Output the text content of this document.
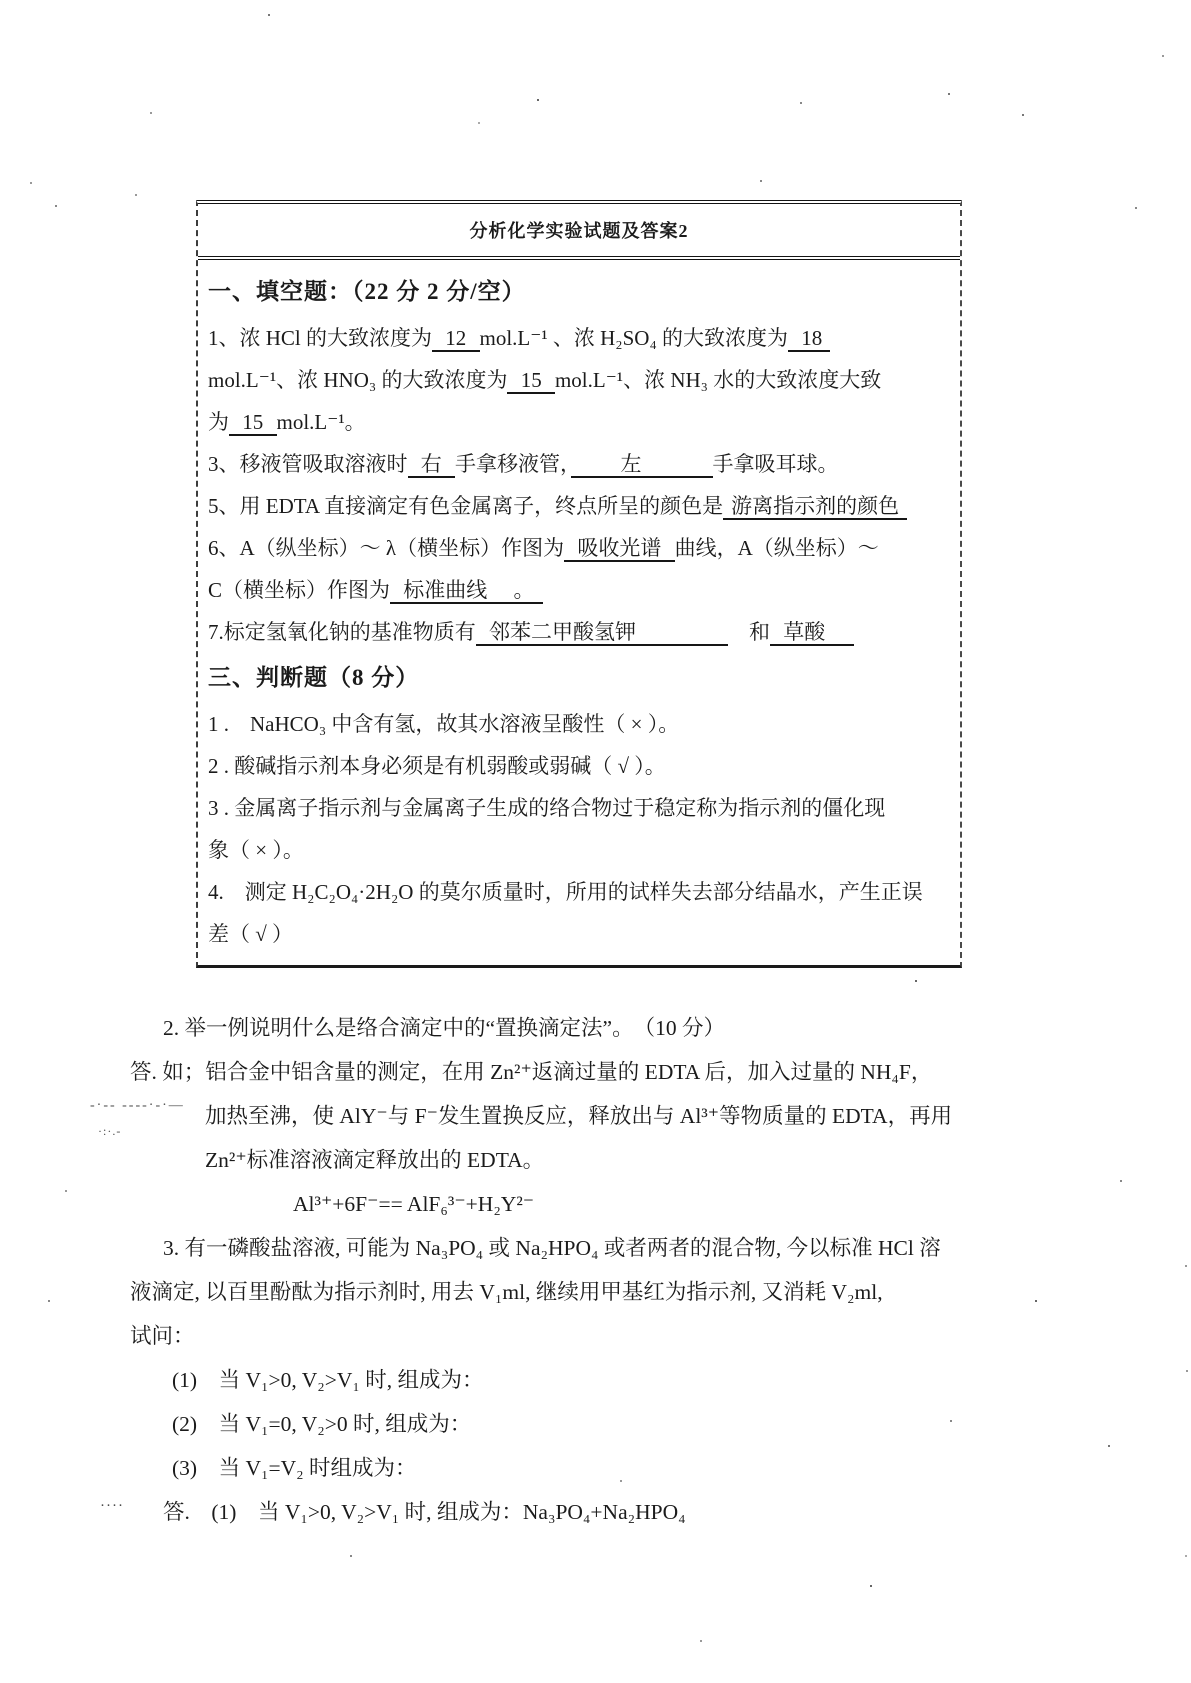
分析化学实验试题及答案2
一、填空题：（22 分 2 分/空）
1、浓 HCl 的大致浓度为 12 mol.L⁻¹ 、浓 H₂SO₄ 的大致浓度为 18
mol.L⁻¹、浓 HNO₃ 的大致浓度为 15 mol.L⁻¹、浓 NH₃ 水的大致浓度大致
为 15 mol.L⁻¹。
3、移液管吸取溶液时 右 手拿移液管，　　左　　　手拿吸耳球。
5、用 EDTA 直接滴定有色金属离子，终点所呈的颜色是 游离指示剂的颜色
6、A（纵坐标）～ λ（横坐标）作图为 吸收光谱 曲线，A（纵坐标）～
C（横坐标）作图为 标准曲线　 。
7.标定氢氧化钠的基准物质有 邻苯二甲酸氢钾　　　　　和 草酸　
三、判断题（8 分）
1 .　NaHCO₃ 中含有氢，故其水溶液呈酸性（ × ）。
2 . 酸碱指示剂本身必须是有机弱酸或弱碱（ √ ）。
3 . 金属离子指示剂与金属离子生成的络合物过于稳定称为指示剂的僵化现
象（ × ）。
4.　测定 H₂C₂O₄·2H₂O 的莫尔质量时，所用的试样失去部分结晶水，产生正误
差（ √ ）
2. 举一例说明什么是络合滴定中的“置换滴定法”。　（10 分）
答. 如；铝合金中铝含量的测定，在用 Zn²⁺返滴过量的 EDTA 后，加入过量的 NH₄F，
加热至沸，使 AlY⁻与 F⁻发生置换反应，释放出与 Al³⁺等物质量的 EDTA，再用
Zn²⁺标准溶液滴定释放出的 EDTA。
Al³⁺+6F⁻== AlF₆³⁻+H₂Y²⁻
3. 有一磷酸盐溶液, 可能为 Na₃PO₄ 或 Na₂HPO₄ 或者两者的混合物, 今以标准 HCl 溶
液滴定, 以百里酚酞为指示剂时, 用去 V₁ml, 继续用甲基红为指示剂, 又消耗 V₂ml,
试问：
(1)　当 V₁>0, V₂>V₁ 时, 组成为：
(2)　当 V₁=0, V₂>0 时, 组成为：
(3)　当 V₁=V₂ 时组成为：
答.　(1)　当 V₁>0, V₂>V₁ 时, 组成为：Na₃PO₄+Na₂HPO₄
-·-- ----·-·—
·:·.-
····
